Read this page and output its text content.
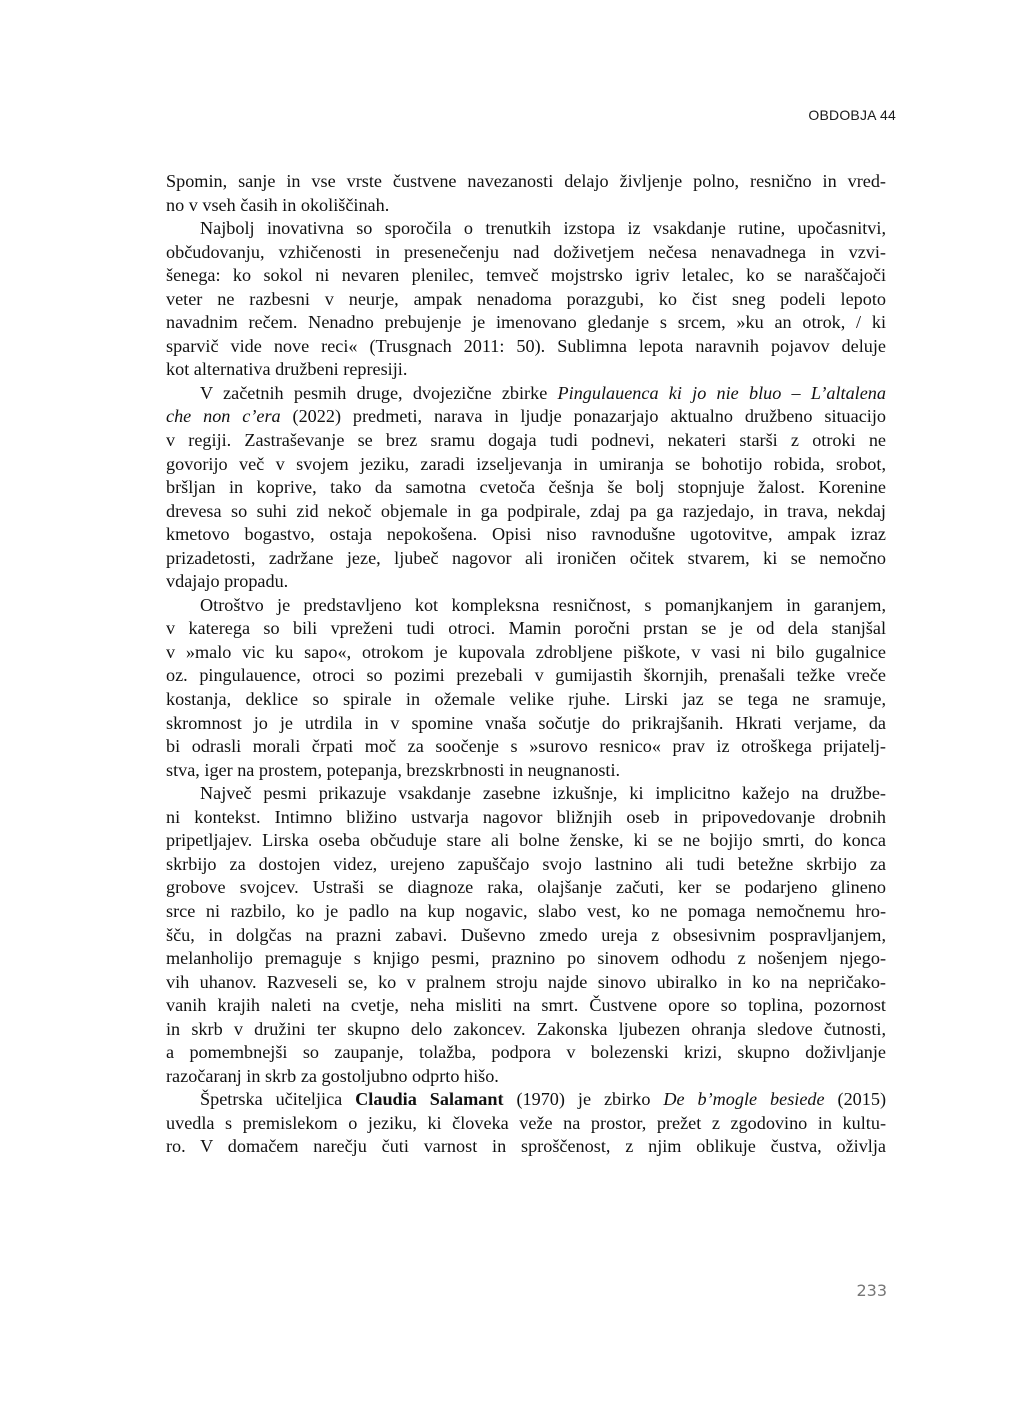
OBDOBJA 44
Spomin, sanje in vse vrste čustvene navezanosti delajo življenje polno, resnično in vred-
no v vseh časih in okoliščinah.
Najbolj inovativna so sporočila o trenutkih izstopa iz vsakdanje rutine, upočasnitvi,
občudovanju, vzhičenosti in presenečenju nad doživetjem nečesa nenavadnega in vzvi-
šenega: ko sokol ni nevaren plenilec, temveč mojstrsko igriv letalec, ko se naraščajoči
veter ne razbesni v neurje, ampak nenadoma porazgubi, ko čist sneg podeli lepoto
navadnim rečem. Nenadno prebujenje je imenovano gledanje s srcem, »ku an otrok, / ki
sparvič vide nove reci« (Trusgnach 2011: 50). Sublimna lepota naravnih pojavov deluje
kot alternativa družbeni represiji.
V začetnih pesmih druge, dvojezične zbirke Pingulauenca ki jo nie bluo – L’altalena
che non c’era (2022) predmeti, narava in ljudje ponazarjajo aktualno družbeno situacijo
v regiji. Zastraševanje se brez sramu dogaja tudi podnevi, nekateri starši z otroki ne
govorijo več v svojem jeziku, zaradi izseljevanja in umiranja se bohotijo robida, srobot,
bršljan in koprive, tako da samotna cvetoča češnja še bolj stopnjuje žalost. Korenine
drevesa so suhi zid nekoč objemale in ga podpirale, zdaj pa ga razjedajo, in trava, nekdaj
kmetovo bogastvo, ostaja nepokošena. Opisi niso ravnodušne ugotovitve, ampak izraz
prizadetosti, zadržane jeze, ljubeč nagovor ali ironičen očitek stvarem, ki se nemočno
vdajajo propadu.
Otroštvo je predstavljeno kot kompleksna resničnost, s pomanjkanjem in garanjem,
v katerega so bili vpreženi tudi otroci. Mamin poročni prstan se je od dela stanjšal
v »malo vic ku sapo«, otrokom je kupovala zdrobljene piškote, v vasi ni bilo gugalnice
oz. pingulauence, otroci so pozimi prezebali v gumijastih škornjih, prenašali težke vreče
kostanja, deklice so spirale in ožemale velike rjuhe. Lirski jaz se tega ne sramuje,
skromnost jo je utrdila in v spomine vnaša sočutje do prikrajšanih. Hkrati verjame, da
bi odrasli morali črpati moč za soočenje s »surovo resnico« prav iz otroškega prijatelj-
stva, iger na prostem, potepanja, brezskrbnosti in neugnanosti.
Največ pesmi prikazuje vsakdanje zasebne izkušnje, ki implicitno kažejo na družbe-
ni kontekst. Intimno bližino ustvarja nagovor bližnjih oseb in pripovedovanje drobnih
pripetljajev. Lirska oseba občuduje stare ali bolne ženske, ki se ne bojijo smrti, do konca
skrbijo za dostojen videz, urejeno zapuščajo svojo lastnino ali tudi betežne skrbijo za
grobove svojcev. Ustraši se diagnoze raka, olajšanje začuti, ker se podarjeno glineno
srce ni razbilo, ko je padlo na kup nogavic, slabo vest, ko ne pomaga nemočnemu hro-
šču, in dolgčas na prazni zabavi. Duševno zmedo ureja z obsesivnim pospravljanjem,
melanholijo premaguje s knjigo pesmi, praznino po sinovem odhodu z nošenjem njego-
vih uhanov. Razveseli se, ko v pralnem stroju najde sinovo ubiralko in ko na nepričako-
vanih krajih naleti na cvetje, neha misliti na smrt. Čustvene opore so toplina, pozornost
in skrb v družini ter skupno delo zakoncev. Zakonska ljubezen ohranja sledove čutnosti,
a pomembnejši so zaupanje, tolažba, podpora v bolezenski krizi, skupno doživljanje
razočaranj in skrb za gostoljubno odprto hišo.
Špetrska učiteljica Claudia Salamant (1970) je zbirko De b’mogle besiede (2015)
uvedla s premislekom o jeziku, ki človeka veže na prostor, prežet z zgodovino in kultu-
ro. V domačem narečju čuti varnost in sproščenost, z njim oblikuje čustva, oživlja
233
